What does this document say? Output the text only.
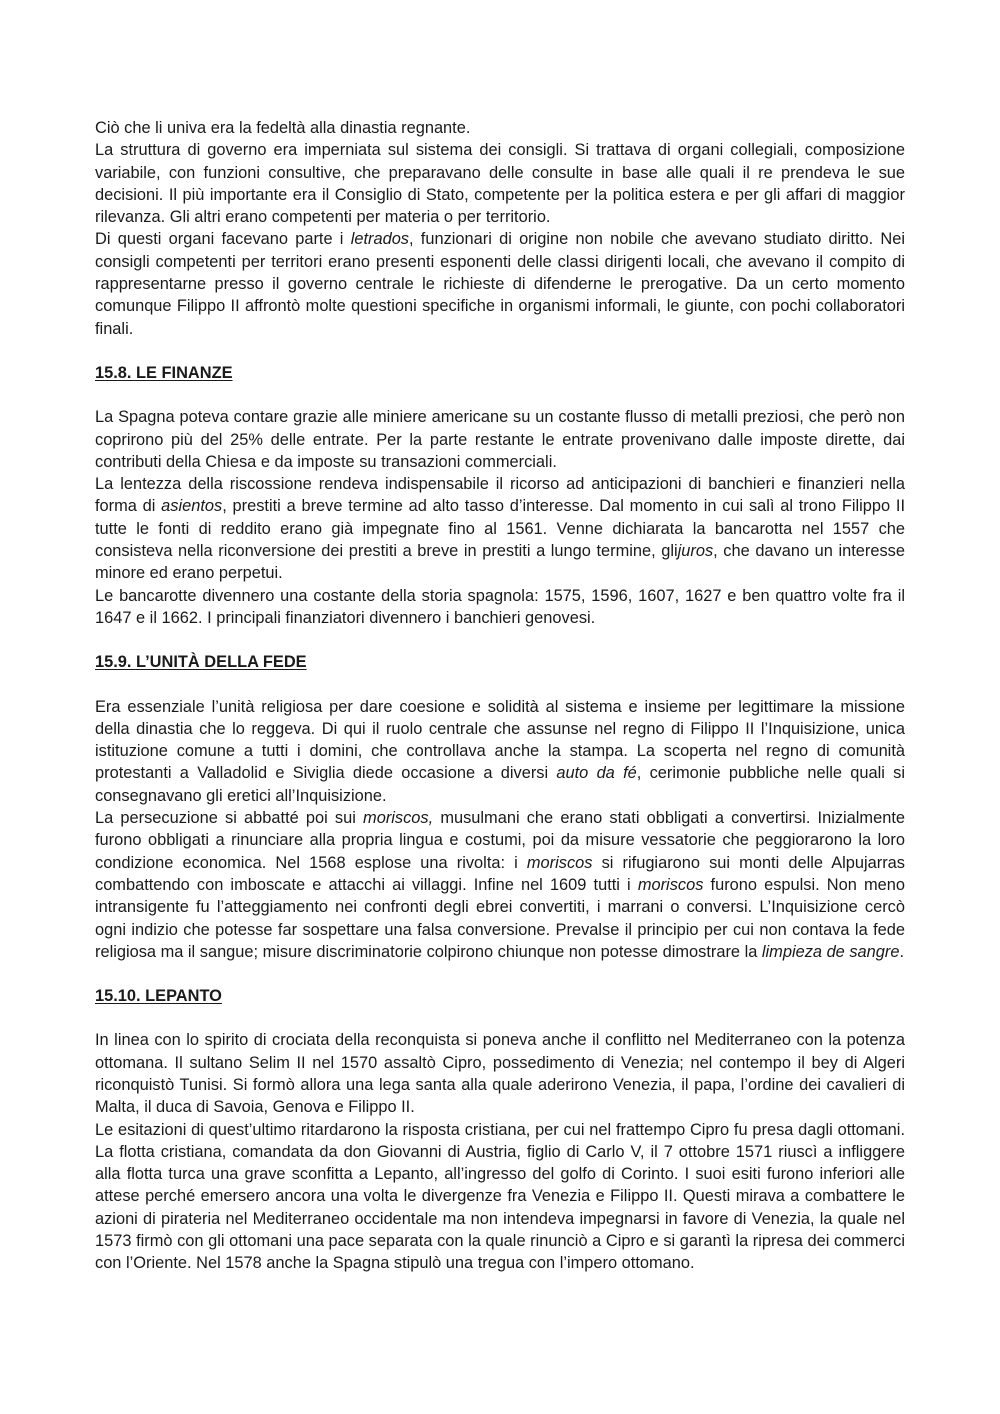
Ciò che li univa era la fedeltà alla dinastia regnante.

La struttura di governo era imperniata sul sistema dei consigli. Si trattava di organi collegiali, composizione variabile, con funzioni consultive, che preparavano delle consulte in base alle quali il re prendeva le sue decisioni. Il più importante era il Consiglio di Stato, competente per la politica estera e per gli affari di maggior rilevanza. Gli altri erano competenti per materia o per territorio.

Di questi organi facevano parte i letrados, funzionari di origine non nobile che avevano studiato diritto. Nei consigli competenti per territori erano presenti esponenti delle classi dirigenti locali, che avevano il compito di rappresentarne presso il governo centrale le richieste di difenderne le prerogative. Da un certo momento comunque Filippo II affrontò molte questioni specifiche in organismi informali, le giunte, con pochi collaboratori finali.

15.8. LE FINANZE

La Spagna poteva contare grazie alle miniere americane su un costante flusso di metalli preziosi, che però non coprirono più del 25% delle entrate. Per la parte restante le entrate provenivano dalle imposte dirette, dai contributi della Chiesa e da imposte su transazioni commerciali.

La lentezza della riscossione rendeva indispensabile il ricorso ad anticipazioni di banchieri e finanzieri nella forma di asientos, prestiti a breve termine ad alto tasso d’interesse. Dal momento in cui salì al trono Filippo II tutte le fonti di reddito erano già impegnate fino al 1561. Venne dichiarata la bancarotta nel 1557 che consisteva nella riconversione dei prestiti a breve in prestiti a lungo termine, glijuros, che davano un interesse minore ed erano perpetui.

Le bancarotte divennero una costante della storia spagnola: 1575, 1596, 1607, 1627 e ben quattro volte fra il 1647 e il 1662. I principali finanziatori divennero i banchieri genovesi.

15.9. L’UNITÀ DELLA FEDE

Era essenziale l’unità religiosa per dare coesione e solidità al sistema e insieme per legittimare la missione della dinastia che lo reggeva. Di qui il ruolo centrale che assunse nel regno di Filippo II l’Inquisizione, unica istituzione comune a tutti i domini, che controllava anche la stampa. La scoperta nel regno di comunità protestanti a Valladolid e Siviglia diede occasione a diversi auto da fé, cerimonie pubbliche nelle quali si consegnavano gli eretici all’Inquisizione.

La persecuzione si abbatté poi sui moriscos, musulmani che erano stati obbligati a convertirsi. Inizialmente furono obbligati a rinunciare alla propria lingua e costumi, poi da misure vessatorie che peggiorarono la loro condizione economica. Nel 1568 esplose una rivolta: i moriscos si rifugiarono sui monti delle Alpujarras combattendo con imboscate e attacchi ai villaggi. Infine nel 1609 tutti i moriscos furono espulsi. Non meno intransigente fu l’atteggiamento nei confronti degli ebrei convertiti, i marrani o conversi. L’Inquisizione cercò ogni indizio che potesse far sospettare una falsa conversione. Prevalse il principio per cui non contava la fede religiosa ma il sangue; misure discriminatorie colpirono chiunque non potesse dimostrare la limpieza de sangre.

15.10. LEPANTO

In linea con lo spirito di crociata della reconquista si poneva anche il conflitto nel Mediterraneo con la potenza ottomana. Il sultano Selim II nel 1570 assaltò Cipro, possedimento di Venezia; nel contempo il bey di Algeri riconquistò Tunisi. Si formò allora una lega santa alla quale aderirono Venezia, il papa, l’ordine dei cavalieri di Malta, il duca di Savoia, Genova e Filippo II.

Le esitazioni di quest’ultimo ritardarono la risposta cristiana, per cui nel frattempo Cipro fu presa dagli ottomani. La flotta cristiana, comandata da don Giovanni di Austria, figlio di Carlo V, il 7 ottobre 1571 riuscì a infliggere alla flotta turca una grave sconfitta a Lepanto, all’ingresso del golfo di Corinto. I suoi esiti furono inferiori alle attese perché emersero ancora una volta le divergenze fra Venezia e Filippo II. Questi mirava a combattere le azioni di pirateria nel Mediterraneo occidentale ma non intendeva impegnarsi in favore di Venezia, la quale nel 1573 firmò con gli ottomani una pace separata con la quale rinunciò a Cipro e si garantì la ripresa dei commerci con l’Oriente. Nel 1578 anche la Spagna stipulò una tregua con l’impero ottomano.
